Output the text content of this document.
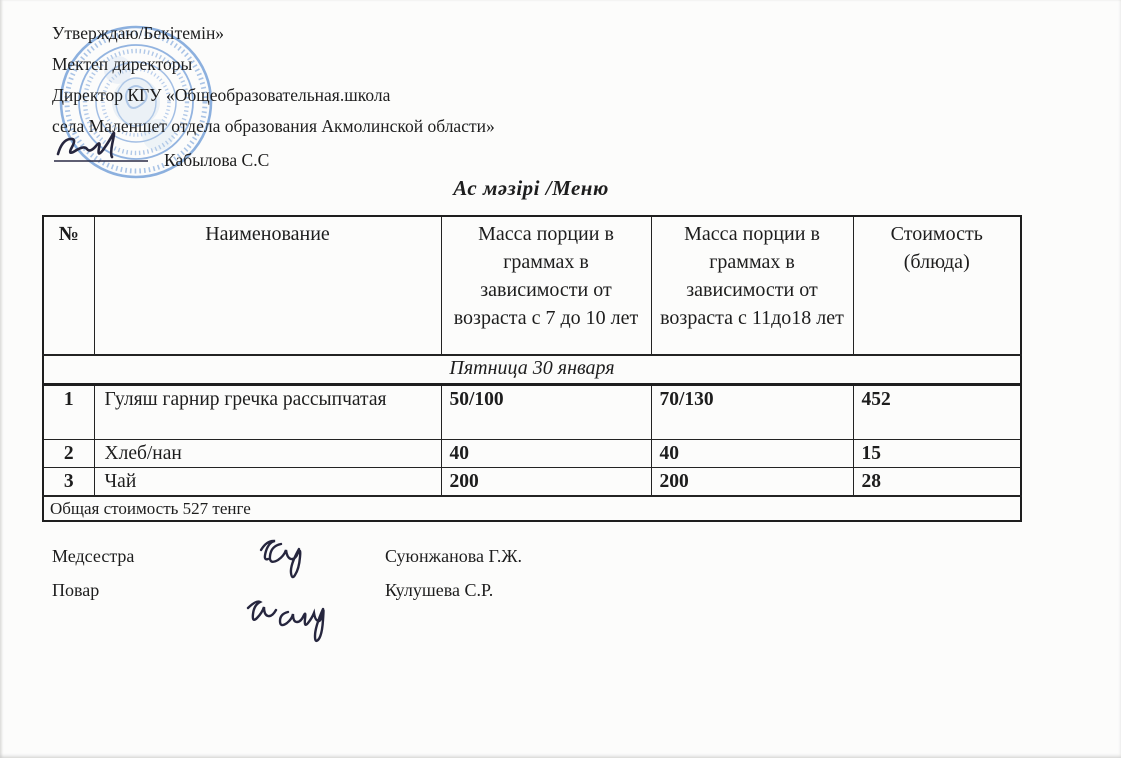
Утверждаю/Бекітемін»
Мектеп директоры
Директор КГУ «Общеобразовательная.школа
села Маленшет отдела образования Акмолинской области»
Кабылова С.С
Ас мәзірі /Меню
№	Наименование	Масса порции в граммах в зависимости от возраста с 7 до 10 лет	Масса порции в граммах в зависимости от возраста с 11до18 лет	Стоимость (блюда)
Пятница 30 января				
1	Гуляш гарнир гречка рассыпчатая	50/100	70/130	452
2	Хлеб/нан	40	40	15
3	Чай	200	200	28
Общая стоимость 527 тенге				
Медсестра	Суюнжанова Г.Ж.
Повар	Кулушева С.Р.
